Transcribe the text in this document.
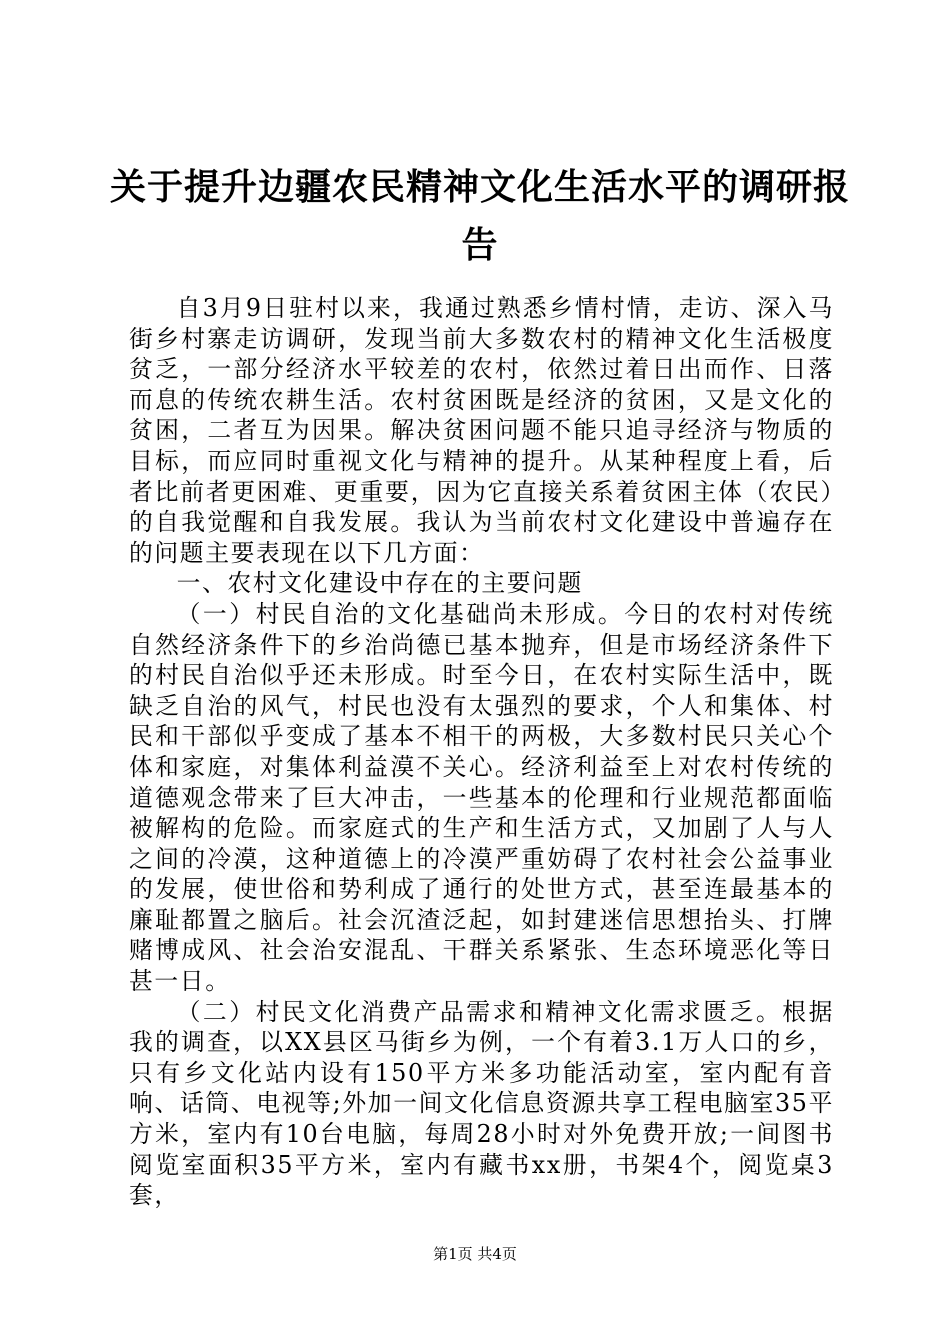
关于提升边疆农民精神文化生活水平的调研报告

自3月9日驻村以来，我通过熟悉乡情村情，走访、深入马街乡村寨走访调研，发现当前大多数农村的精神文化生活极度贫乏，一部分经济水平较差的农村，依然过着日出而作、日落而息的传统农耕生活。农村贫困既是经济的贫困，又是文化的贫困，二者互为因果。解决贫困问题不能只追寻经济与物质的目标，而应同时重视文化与精神的提升。从某种程度上看，后者比前者更困难、更重要，因为它直接关系着贫困主体（农民）的自我觉醒和自我发展。我认为当前农村文化建设中普遍存在的问题主要表现在以下几方面：

一、农村文化建设中存在的主要问题

（一）村民自治的文化基础尚未形成。今日的农村对传统自然经济条件下的乡治尚德已基本抛弃，但是市场经济条件下的村民自治似乎还未形成。时至今日，在农村实际生活中，既缺乏自治的风气，村民也没有太强烈的要求，个人和集体、村民和干部似乎变成了基本不相干的两极，大多数村民只关心个体和家庭，对集体利益漠不关心。经济利益至上对农村传统的道德观念带来了巨大冲击，一些基本的伦理和行业规范都面临被解构的危险。而家庭式的生产和生活方式，又加剧了人与人之间的冷漠，这种道德上的冷漠严重妨碍了农村社会公益事业的发展，使世俗和势利成了通行的处世方式，甚至连最基本的廉耻都置之脑后。社会沉渣泛起，如封建迷信思想抬头、打牌赌博成风、社会治安混乱、干群关系紧张、生态环境恶化等日甚一日。

（二）村民文化消费产品需求和精神文化需求匮乏。根据我的调查，以XX县区马街乡为例，一个有着3.1万人口的乡，只有乡文化站内设有150平方米多功能活动室，室内配有音响、话筒、电视等;外加一间文化信息资源共享工程电脑室35平方米，室内有10台电脑，每周28小时对外免费开放;一间图书阅览室面积35平方米，室内有藏书xx册，书架4个，阅览桌3套，

第1页 共4页
